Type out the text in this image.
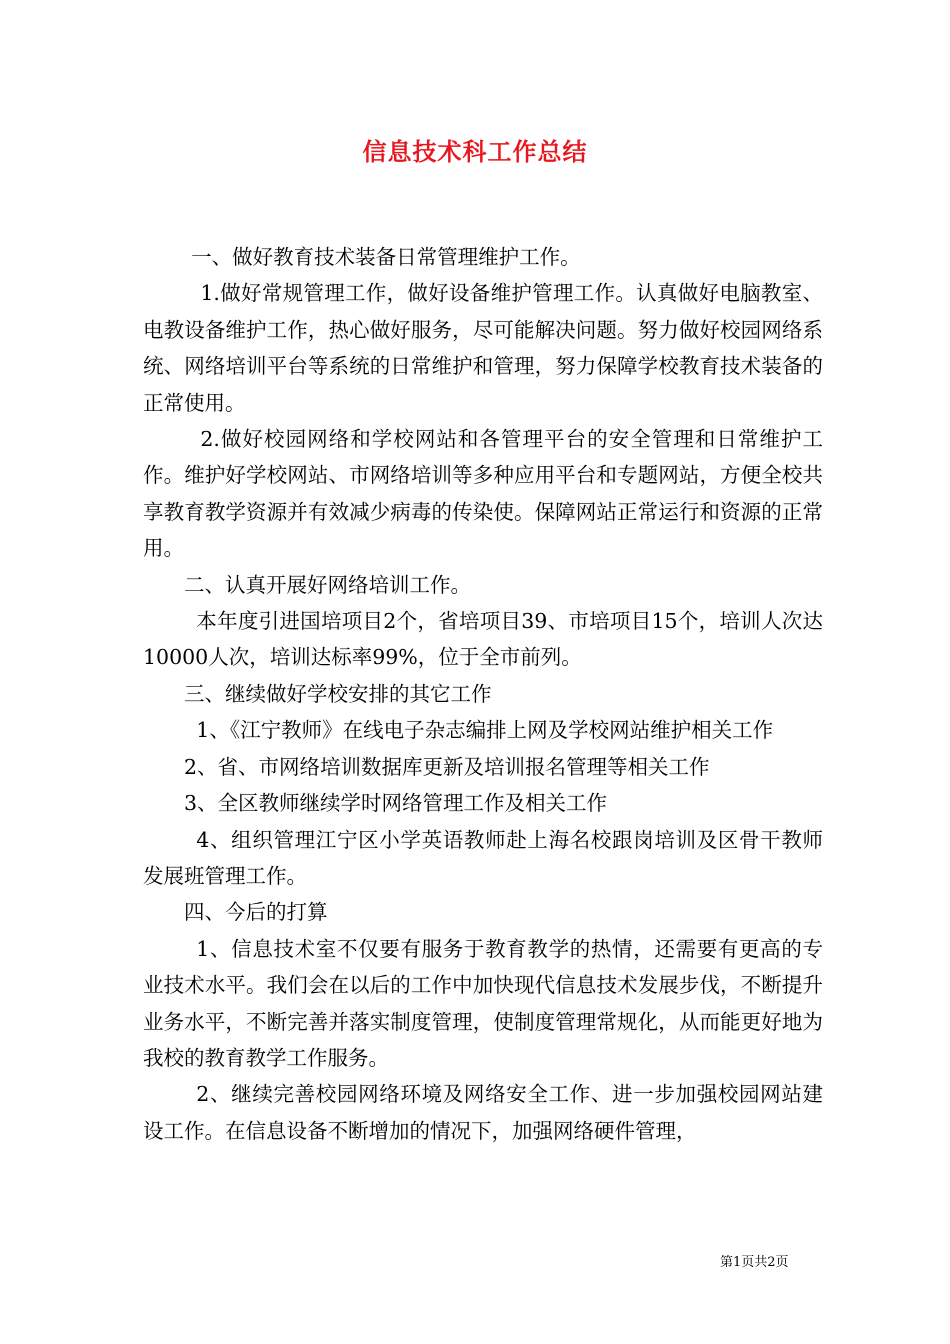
信息技术科工作总结

一、做好教育技术装备日常管理维护工作。

1.做好常规管理工作，做好设备维护管理工作。认真做好电脑教室、电教设备维护工作，热心做好服务，尽可能解决问题。努力做好校园网络系统、网络培训平台等系统的日常维护和管理，努力保障学校教育技术装备的正常使用。

2.做好校园网络和学校网站和各管理平台的安全管理和日常维护工作。维护好学校网站、市网络培训等多种应用平台和专题网站，方便全校共享教育教学资源并有效减少病毒的传染使。保障网站正常运行和资源的正常用。

二、认真开展好网络培训工作。

本年度引进国培项目2个，省培项目39、市培项目15个，培训人次达10000人次，培训达标率99%，位于全市前列。

三、继续做好学校安排的其它工作

1、《江宁教师》在线电子杂志编排上网及学校网站维护相关工作

2、省、市网络培训数据库更新及培训报名管理等相关工作

3、全区教师继续学时网络管理工作及相关工作

4、组织管理江宁区小学英语教师赴上海名校跟岗培训及区骨干教师发展班管理工作。

四、今后的打算

1、信息技术室不仅要有服务于教育教学的热情，还需要有更高的专业技术水平。我们会在以后的工作中加快现代信息技术发展步伐，不断提升业务水平，不断完善并落实制度管理，使制度管理常规化，从而能更好地为我校的教育教学工作服务。

2、继续完善校园网络环境及网络安全工作、进一步加强校园网站建设工作。在信息设备不断增加的情况下，加强网络硬件管理，

第1页共2页
